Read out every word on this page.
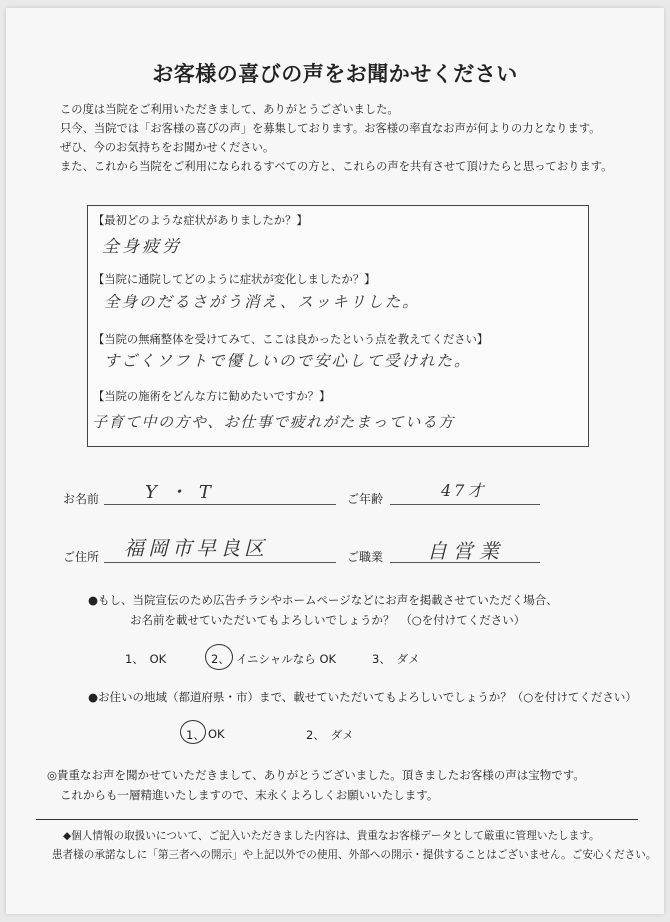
お客様の喜びの声をお聞かせください
この度は当院をご利用いただきまして、ありがとうございました。
只今、当院では「お客様の喜びの声」を募集しております。お客様の率直なお声が何よりの力となります。
ぜひ、今のお気持ちをお聞かせください。
また、これから当院をご利用になられるすべての方と、これらの声を共有させて頂けたらと思っております。
【最初どのような症状がありましたか？】
全身疲労
【当院に通院してどのように症状が変化しましたか？】
全身のだるさがう消え、スッキリした。
【当院の無痛整体を受けてみて、ここは良かったという点を教えてください】
すごくソフトで優しいので安心して受けれた。
【当院の施術をどんな方に勧めたいですか？】
子育て中の方や、お仕事で疲れがたまっている方
お名前	Y・T	ご年齢	47才
ご住所 福岡市早良区	ご職業 自営業
●もし、当院宣伝のため広告チラシやホームページなどにお声を掲載させていただく場合、
お名前を載せていただいてもよろしいでしょうか？　（○を付けてください）
1、　OK	2、 イニシャルなら OK	3、　ダメ
●お住いの地域（都道府県・市）まで、載せていただいてもよろしいでしょうか？（○を付けてください）
1、 OK	2、　ダメ
◎貴重なお声を聞かせていただきまして、ありがとうございました。頂きましたお客様の声は宝物です。
これからも一層精進いたしますので、末永くよろしくお願いいたします。
◆個人情報の取扱いについて、ご記入いただきました内容は、貴重なお客様データとして厳重に管理いたします。
患者様の承諾なしに「第三者への開示」や上記以外での使用、外部への開示・提供することはございません。ご安心ください。
